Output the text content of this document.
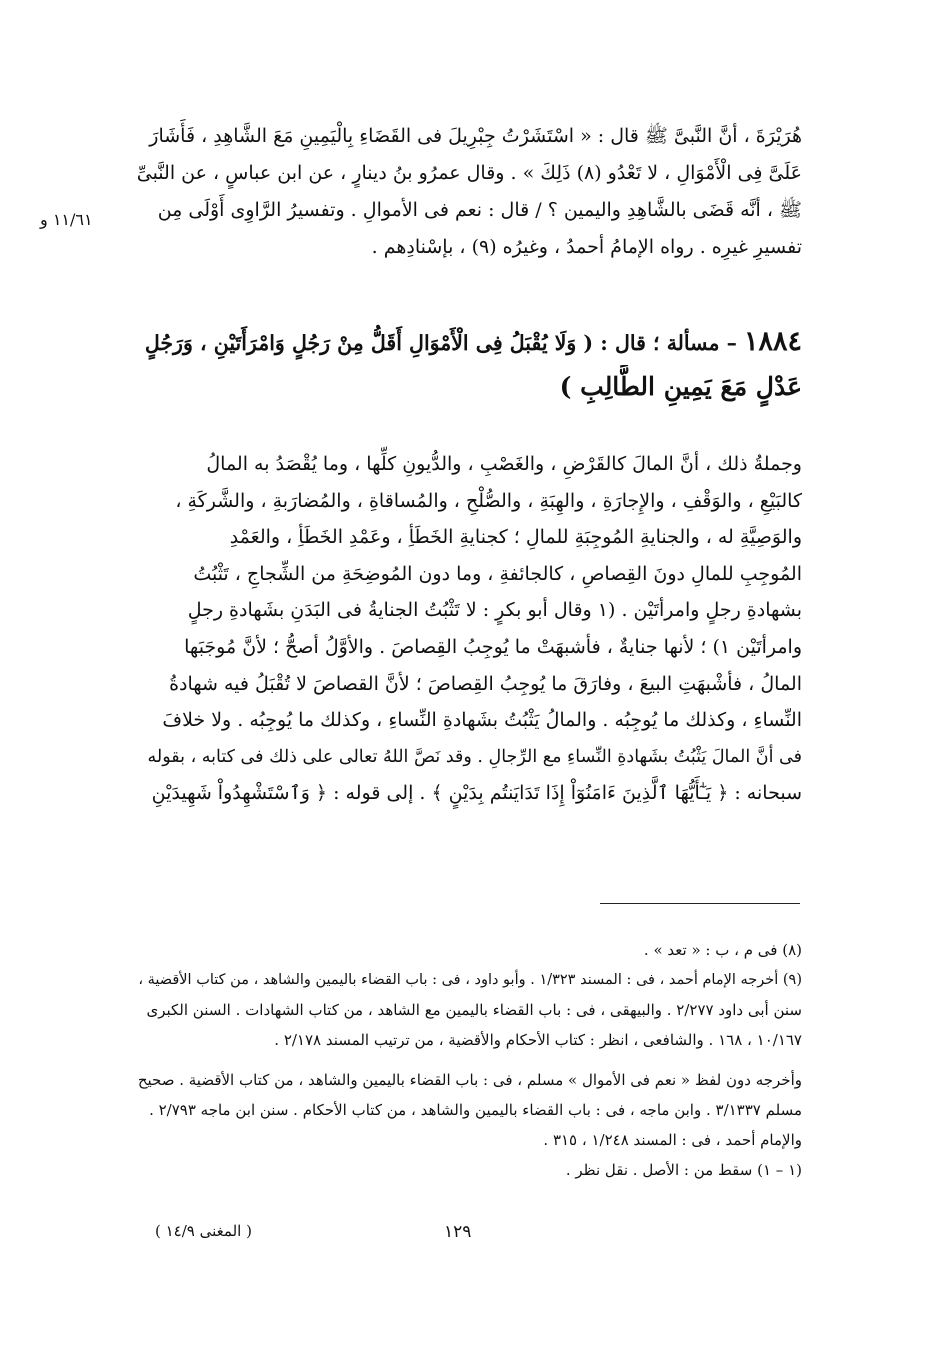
هُرَيْرَةَ ، أنَّ النَّبىَّ ﷺ قال : « اسْتَشَرْتُ جِبْرِيلَ فى القَضَاءِ بِالْيَمِينِ مَعَ الشَّاهِدِ ، فَأَشَارَ
عَلَىَّ فِى الْأَمْوَالِ ، لا تَعْدُو (٨) ذَلِكَ » . وقال عمرُو بنُ دينارٍ ، عن ابن عباسٍ ، عن النَّبىِّ
ﷺ ، أنَّه قَضَى بالشَّاهِدِ واليمين ؟ / قال : نعم فى الأموالِ . وتفسيرُ الرَّاوِى أَوْلَى مِن
تفسيرِ غيرِه . رواه الإمامُ أحمدُ ، وغيرُه (٩) ، بإسْنادِهم .
١١/٦١ و
١٨٨٤ – مسألة ؛ قال : ( وَلَا يُقْبَلُ فِى الْأَمْوَالِ أَقَلُّ مِنْ رَجُلٍ وَامْرَأَتَيْنِ ، وَرَجُلٍ
عَدْلٍ مَعَ يَمِينِ الطَّالِبِ )
وجملةُ ذلك ، أنَّ المالَ كالقَرْضِ ، والغَصْبِ ، والدُّيونِ كلِّها ، وما يُقْصَدُ به المالُ
كالبَيْعِ ، والوَقْفِ ، والإِجارَةِ ، والهِبَةِ ، والصُّلْحِ ، والمُساقاةِ ، والمُضارَبةِ ، والشَّركَةِ ،
والوَصِيَّةِ له ، والجنايةِ المُوجِبَةِ للمالِ ؛ كجنايةِ الخَطَأِ ، وعَمْدِ الخَطَأِ ، والعَمْدِ
المُوجِبِ للمالِ دونَ القِصاصِ ، كالجائفةِ ، وما دون المُوضِحَةِ من الشِّجاجِ ، تَثْبُتُ
بشهادةِ رجلٍ وامرأتَيْن . (١ وقال أبو بكرٍ : لا تَثْبُتُ الجنايةُ فى البَدَنِ بشَهادةِ رجلٍ
وامرأتَيْن ١) ؛ لأنها جنايةٌ ، فأشبهَتْ ما يُوجِبُ القِصاصَ . والأوَّلُ أصحُّ ؛ لأنَّ مُوجَبَها
المالُ ، فأشْبهَتِ البيعَ ، وفارَقَ ما يُوجِبُ القِصاصَ ؛ لأنَّ القصاصَ لا تُقْبَلُ فيه شهادةُ
النِّساءِ ، وكذلك ما يُوجِبُه . والمالُ يَثْبُتُ بشَهادةِ النِّساءِ ، وكذلك ما يُوجِبُه . ولا خلافَ
فى أنَّ المالَ يَثْبُتُ بشَهادةِ النِّساءِ مع الرِّجالِ . وقد نَصَّ اللهُ تعالى على ذلك فى كتابه ، بقوله
سبحانه : ﴿ يَـٰٓأَيُّهَا ٱلَّذِينَ ءَامَنُوٓاْ إِذَا تَدَايَنتُم بِدَيْنٍ ﴾ . إلى قوله : ﴿ وَٱسْتَشْهِدُواْ شَهِيدَيْنِ
(٨) فى م ، ب : « تعد » .
(٩) أخرجه الإمام أحمد ، فى : المسند ١/٣٢٣ . وأبو داود ، فى : باب القضاء باليمين والشاهد ، من كتاب الأقضية ،
سنن أبى داود ٢/٢٧٧ . والبيهقى ، فى : باب القضاء باليمين مع الشاهد ، من كتاب الشهادات . السنن الكبرى
١٠/١٦٧ ، ١٦٨ . والشافعى ، انظر : كتاب الأحكام والأقضية ، من ترتيب المسند ٢/١٧٨ .
وأخرجه دون لفظ « نعم فى الأموال » مسلم ، فى : باب القضاء باليمين والشاهد ، من كتاب الأقضية . صحيح
مسلم ٣/١٣٣٧ . وابن ماجه ، فى : باب القضاء باليمين والشاهد ، من كتاب الأحكام . سنن ابن ماجه ٢/٧٩٣ .
والإمام أحمد ، فى : المسند ١/٢٤٨ ، ٣١٥ .
(١ – ١) سقط من : الأصل . نقل نظر .
( المغنى ١٤/٩ )	١٢٩
